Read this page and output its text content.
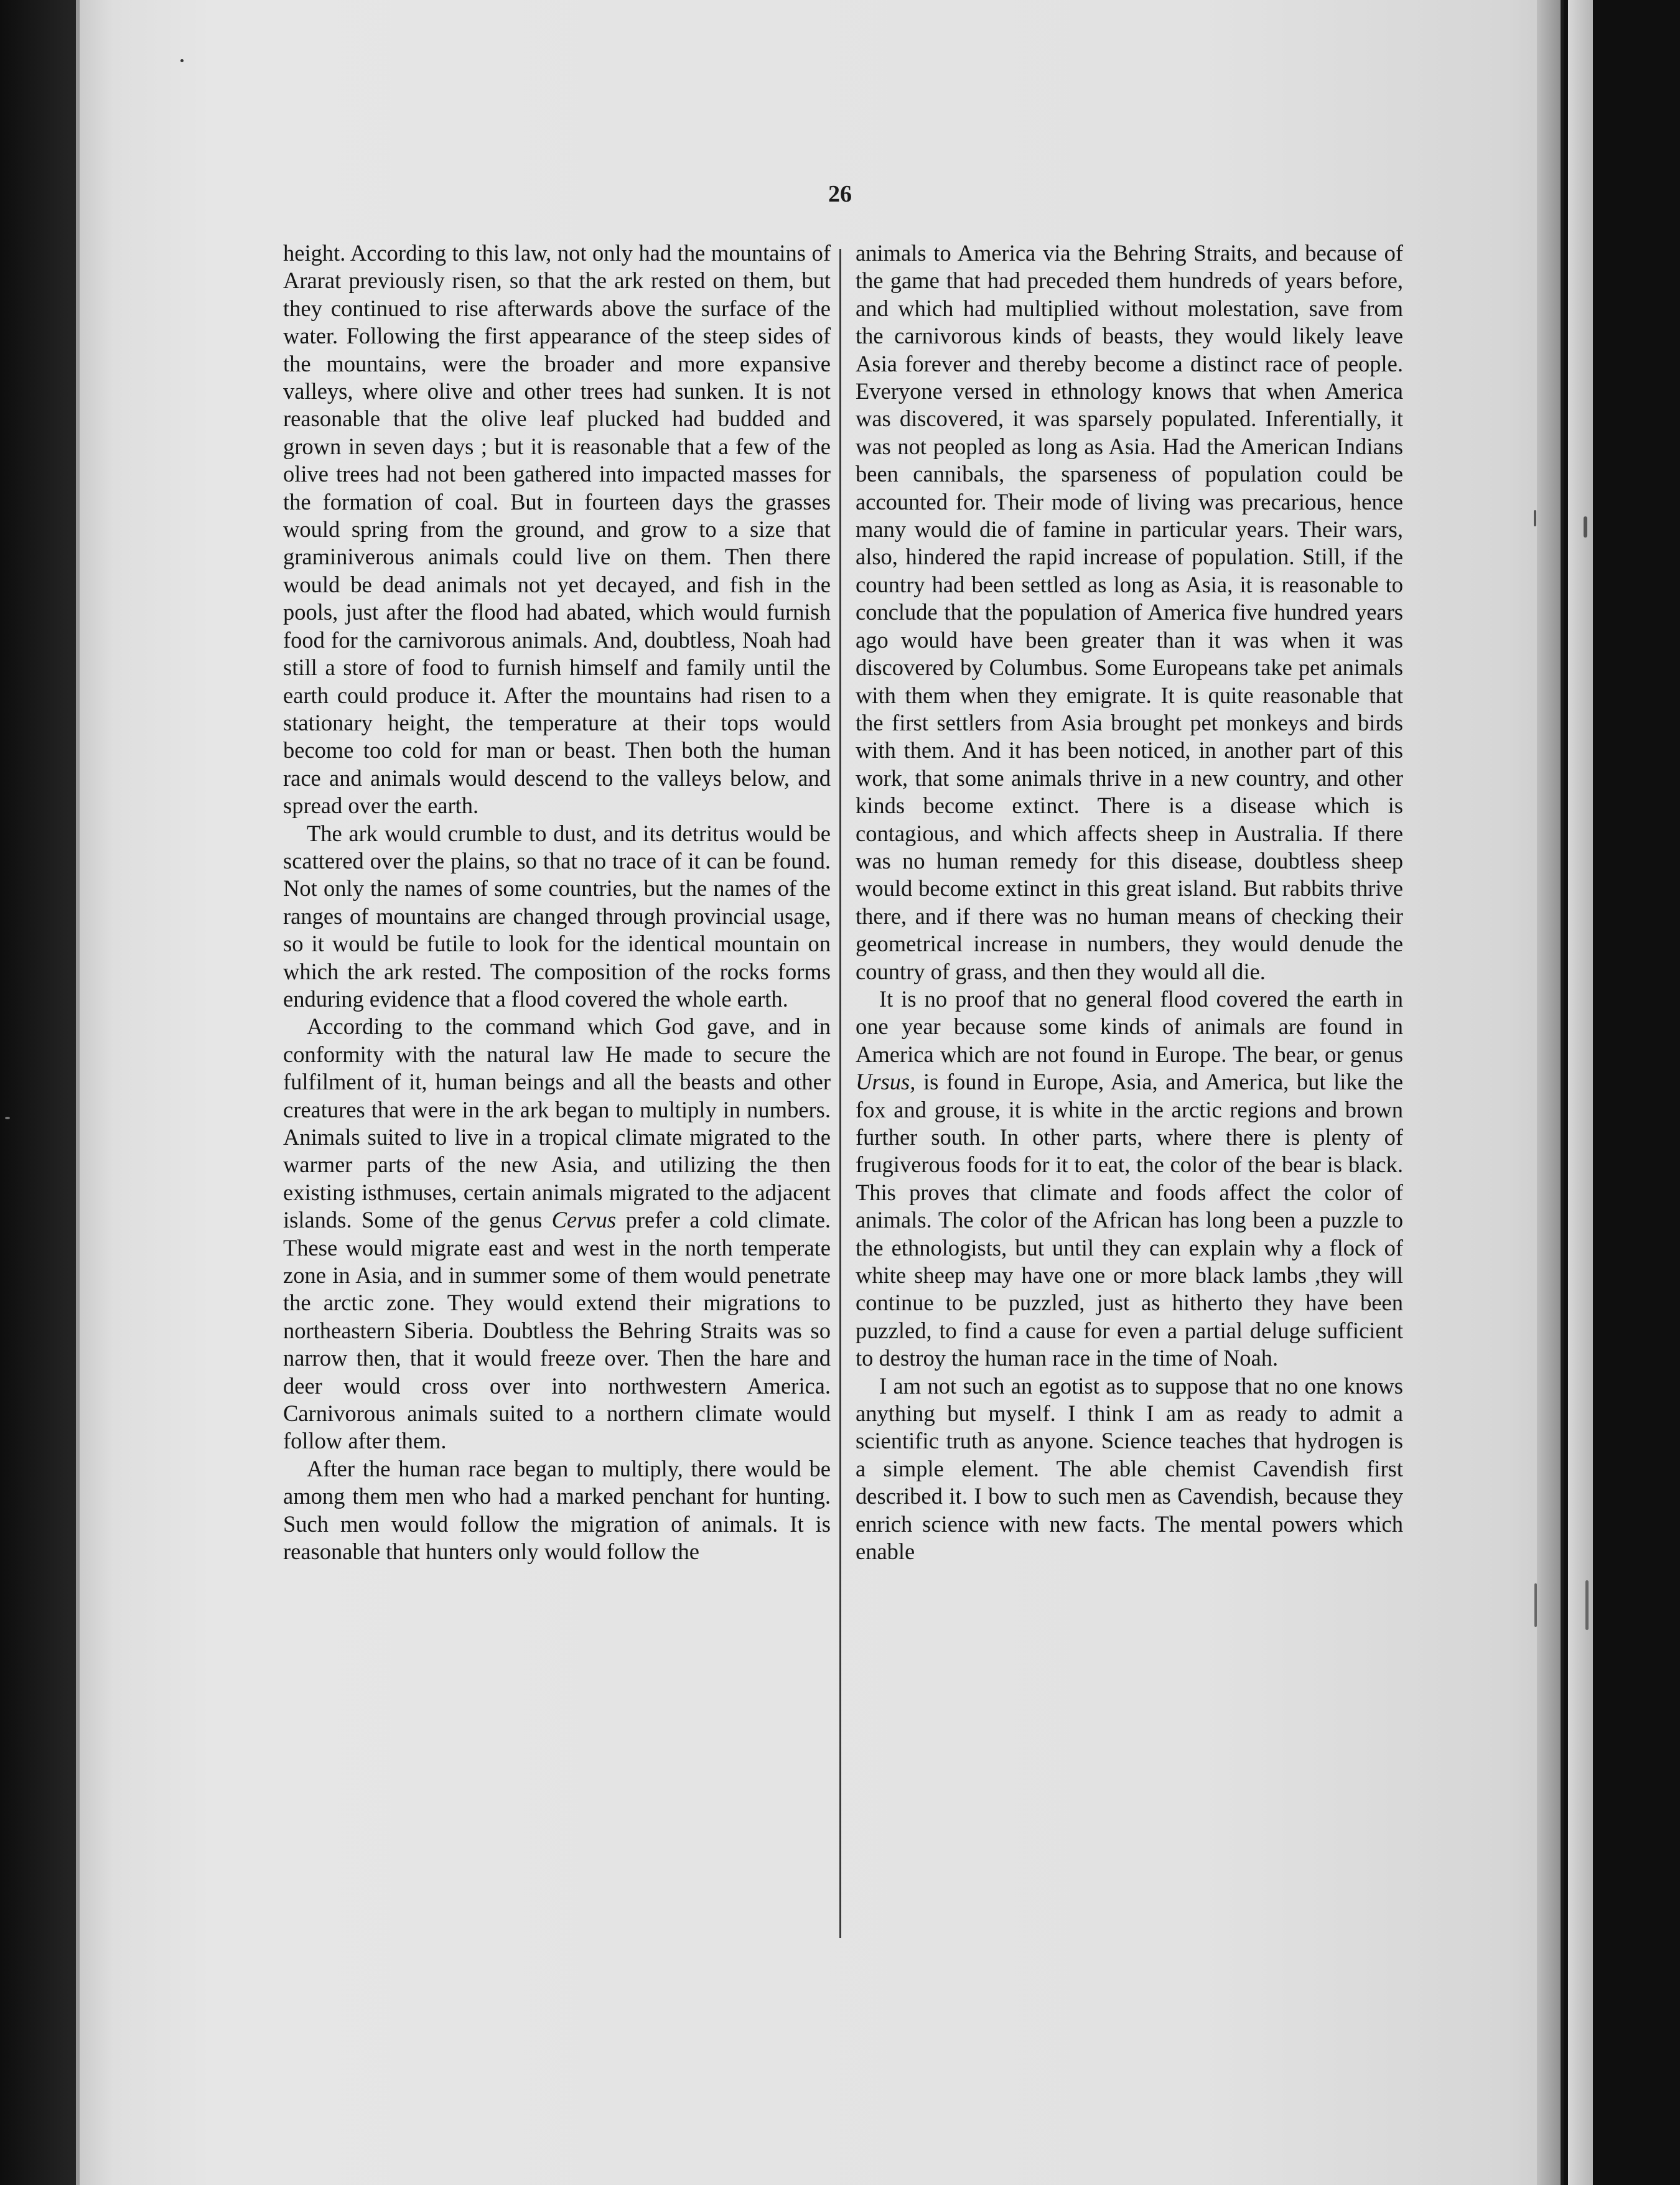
26

height. According to this law, not only had the mountains of Ararat previously risen, so that the ark rested on them, but they continued to rise afterwards above the surface of the water. Following the first appearance of the steep sides of the mountains, were the broader and more expansive valleys, where olive and other trees had sunken. It is not reasonable that the olive leaf plucked had budded and grown in seven days ; but it is reasonable that a few of the olive trees had not been gathered into impacted masses for the formation of coal. But in fourteen days the grasses would spring from the ground, and grow to a size that graminiverous animals could live on them. Then there would be dead animals not yet decayed, and fish in the pools, just after the flood had abated, which would furnish food for the carnivorous animals. And, doubtless, Noah had still a store of food to furnish himself and family until the earth could produce it. After the mountains had risen to a stationary height, the temperature at their tops would become too cold for man or beast. Then both the human race and animals would descend to the valleys below, and spread over the earth.

The ark would crumble to dust, and its detritus would be scattered over the plains, so that no trace of it can be found. Not only the names of some countries, but the names of the ranges of mountains are changed through provincial usage, so it would be futile to look for the identical mountain on which the ark rested. The composition of the rocks forms enduring evidence that a flood covered the whole earth.

According to the command which God gave, and in conformity with the natural law He made to secure the fulfilment of it, human beings and all the beasts and other creatures that were in the ark began to multiply in numbers. Animals suited to live in a tropical climate migrated to the warmer parts of the new Asia, and utilizing the then existing isthmuses, certain animals migrated to the adjacent islands. Some of the genus Cervus prefer a cold climate. These would migrate east and west in the north temperate zone in Asia, and in summer some of them would penetrate the arctic zone. They would extend their migrations to northeastern Siberia. Doubtless the Behring Straits was so narrow then, that it would freeze over. Then the hare and deer would cross over into northwestern America. Carnivorous animals suited to a northern climate would follow after them.

After the human race began to multiply, there would be among them men who had a marked penchant for hunting. Such men would follow the migration of animals. It is reasonable that hunters only would follow the

animals to America via the Behring Straits, and because of the game that had preceded them hundreds of years before, and which had multiplied without molestation, save from the carnivorous kinds of beasts, they would likely leave Asia forever and thereby become a distinct race of people. Everyone versed in ethnology knows that when America was discovered, it was sparsely populated. Inferentially, it was not peopled as long as Asia. Had the American Indians been cannibals, the sparseness of population could be accounted for. Their mode of living was precarious, hence many would die of famine in particular years. Their wars, also, hindered the rapid increase of population. Still, if the country had been settled as long as Asia, it is reasonable to conclude that the population of America five hundred years ago would have been greater than it was when it was discovered by Columbus. Some Europeans take pet animals with them when they emigrate. It is quite reasonable that the first settlers from Asia brought pet monkeys and birds with them. And it has been noticed, in another part of this work, that some animals thrive in a new country, and other kinds become extinct. There is a disease which is contagious, and which affects sheep in Australia. If there was no human remedy for this disease, doubtless sheep would become extinct in this great island. But rabbits thrive there, and if there was no human means of checking their geometrical increase in numbers, they would denude the country of grass, and then they would all die.

It is no proof that no general flood covered the earth in one year because some kinds of animals are found in America which are not found in Europe. The bear, or genus Ursus, is found in Europe, Asia, and America, but like the fox and grouse, it is white in the arctic regions and brown further south. In other parts, where there is plenty of frugiverous foods for it to eat, the color of the bear is black. This proves that climate and foods affect the color of animals. The color of the African has long been a puzzle to the ethnologists, but until they can explain why a flock of white sheep may have one or more black lambs ,they will continue to be puzzled, just as hitherto they have been puzzled, to find a cause for even a partial deluge sufficient to destroy the human race in the time of Noah.

I am not such an egotist as to suppose that no one knows anything but myself. I think I am as ready to admit a scientific truth as anyone. Science teaches that hydrogen is a simple element. The able chemist Cavendish first described it. I bow to such men as Cavendish, because they enrich science with new facts. The mental powers which enable
